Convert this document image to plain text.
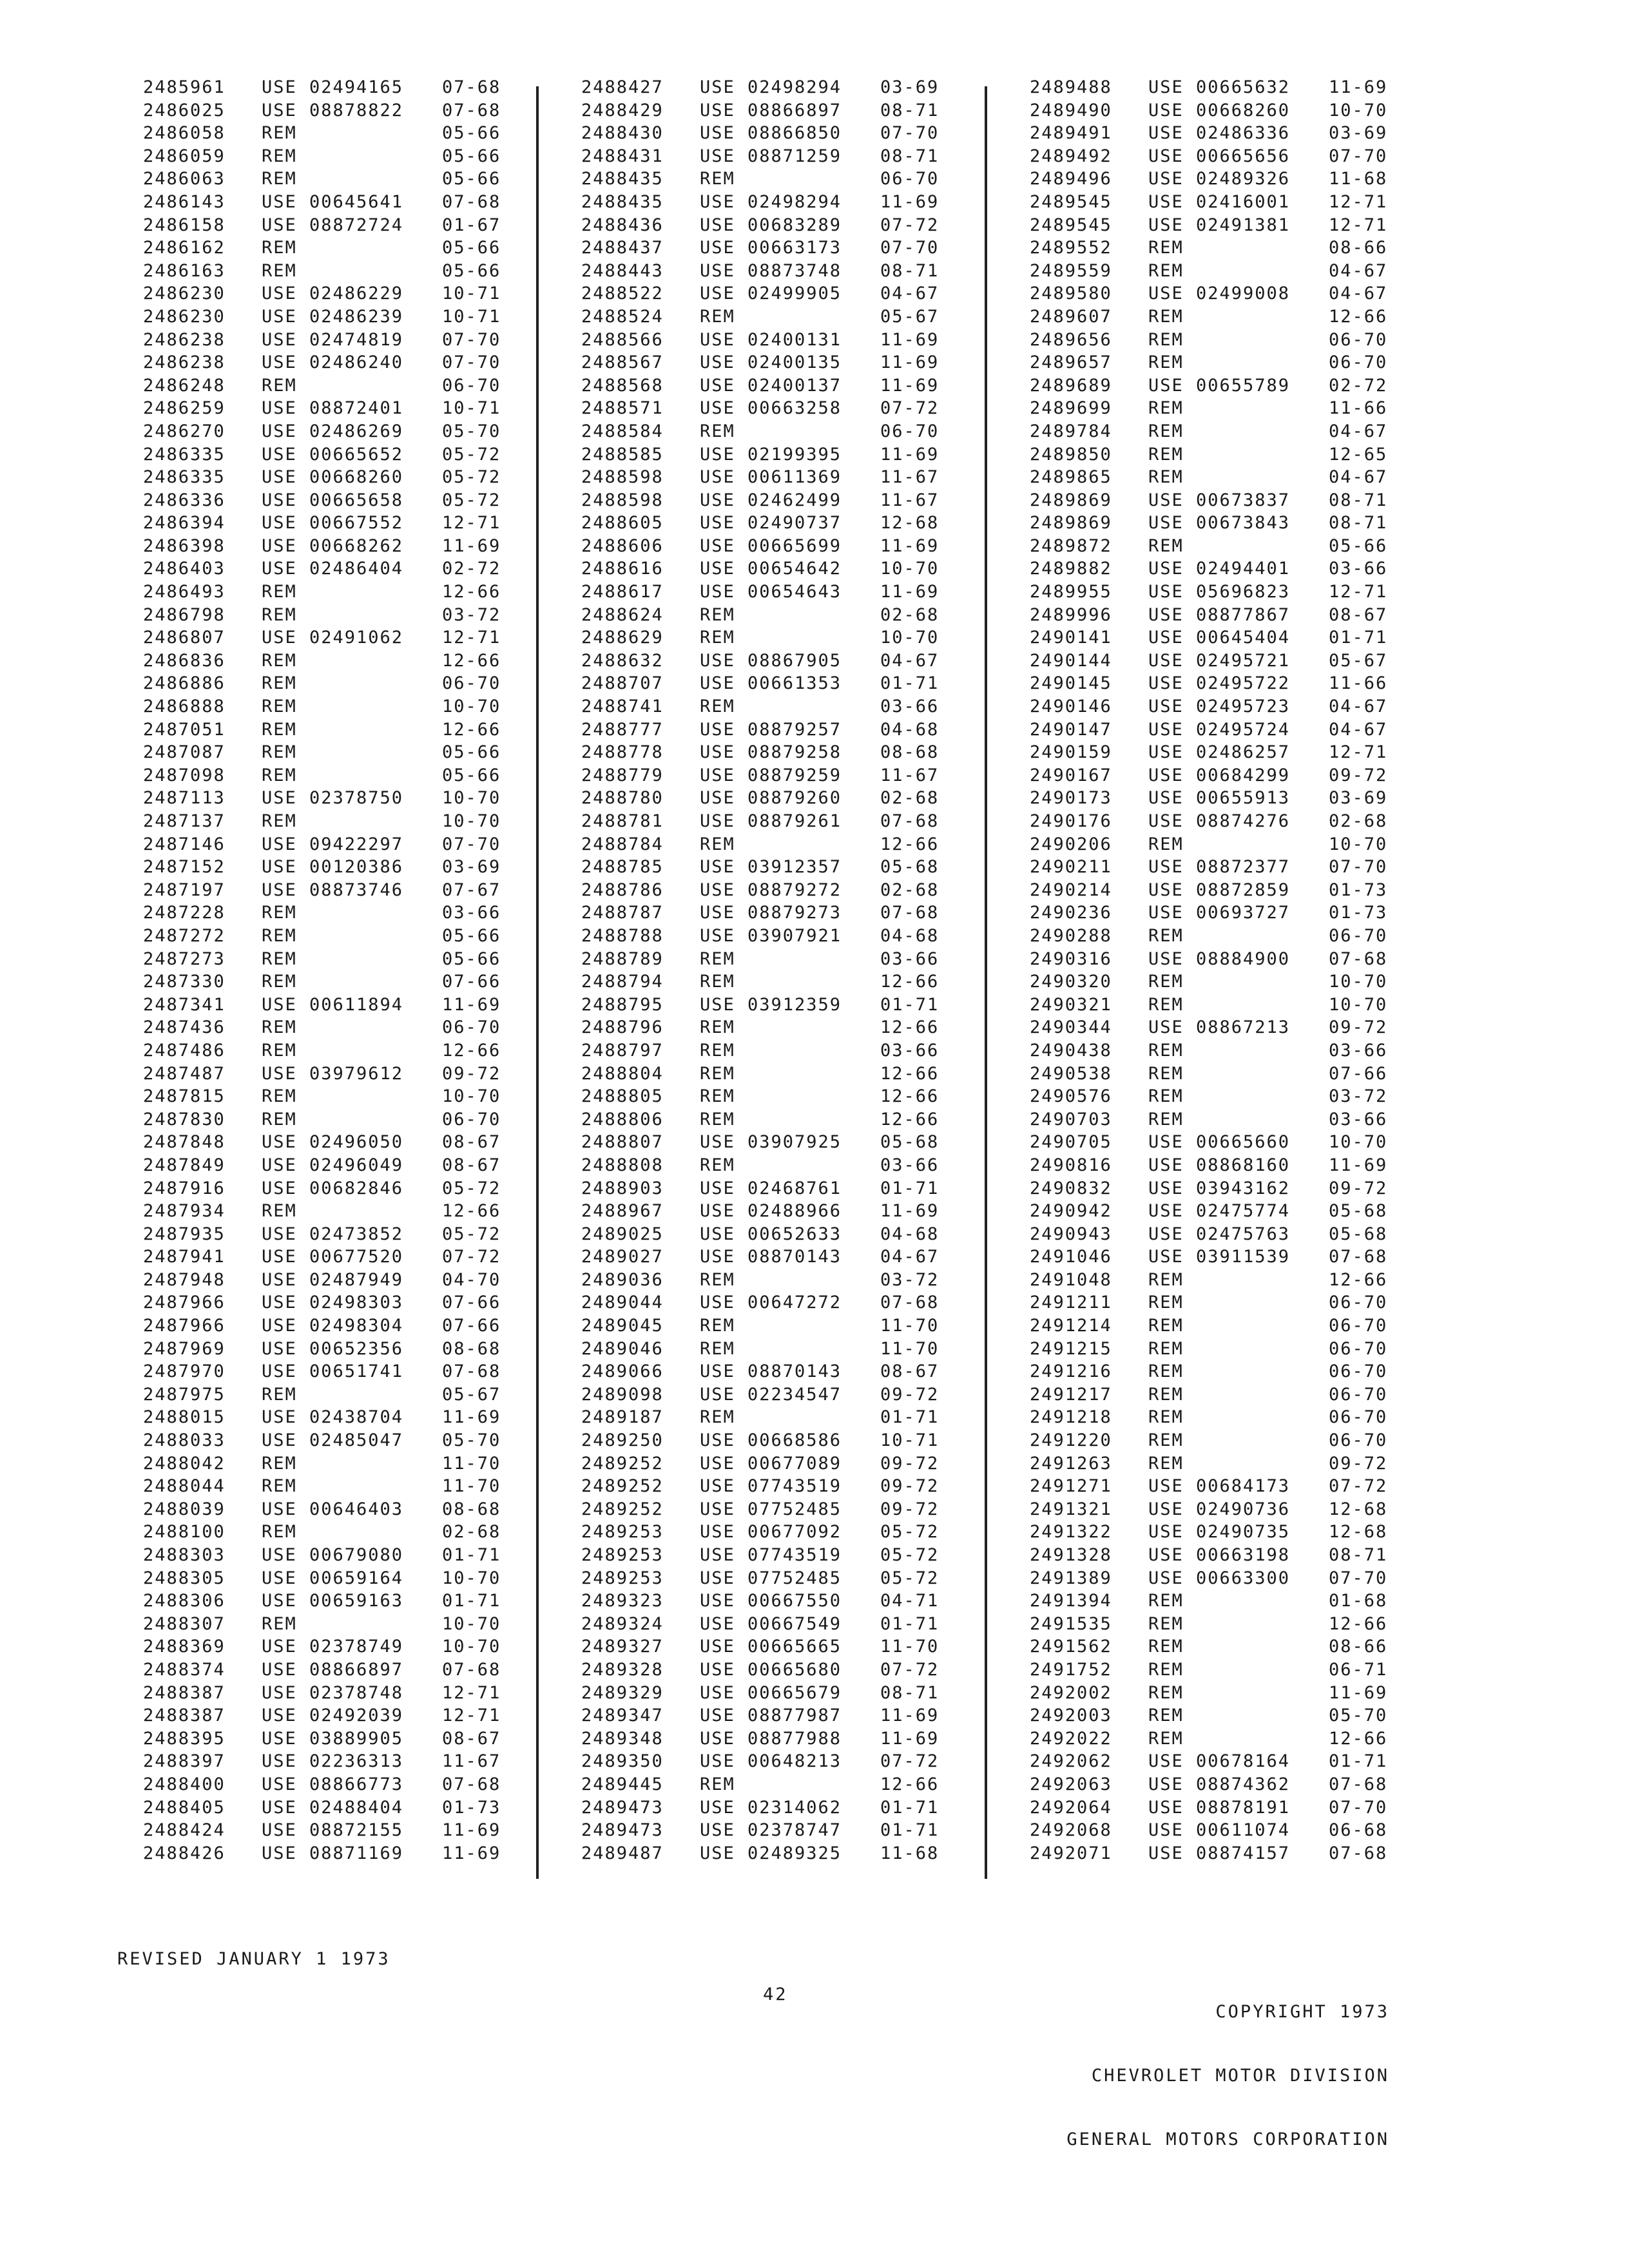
2485961 USE 02494165 07-68
2486025 USE 08878822 07-68
2486058 REM	05-66
2486059 REM	05-66
2486063 REM	05-66
2486143 USE 00645641 07-68
2486158 USE 08872724 01-67
2486162 REM	05-66
2486163 REM	05-66
2486230 USE 02486229 10-71
2486230 USE 02486239 10-71
2486238 USE 02474819 07-70
2486238 USE 02486240 07-70
2486248 REM	06-70
2486259 USE 08872401 10-71
2486270 USE 02486269 05-70
2486335 USE 00665652 05-72
2486335 USE 00668260 05-72
2486336 USE 00665658 05-72
2486394 USE 00667552 12-71
2486398 USE 00668262 11-69
2486403 USE 02486404 02-72
2486493 REM	12-66
2486798 REM	03-72
2486807 USE 02491062 12-71
2486836 REM	12-66
2486886 REM	06-70
2486888 REM	10-70
2487051 REM	12-66
2487087 REM	05-66
2487098 REM	05-66
2487113 USE 02378750 10-70
2487137 REM	10-70
2487146 USE 09422297 07-70
2487152 USE 00120386 03-69
2487197 USE 08873746 07-67
2487228 REM	03-66
2487272 REM	05-66
2487273 REM	05-66
2487330 REM	07-66
2487341 USE 00611894 11-69
2487436 REM	06-70
2487486 REM	12-66
2487487 USE 03979612 09-72
2487815 REM	10-70
2487830 REM	06-70
2487848 USE 02496050 08-67
2487849 USE 02496049 08-67
2487916 USE 00682846 05-72
2487934 REM	12-66
2487935 USE 02473852 05-72
2487941 USE 00677520 07-72
2487948 USE 02487949 04-70
2487966 USE 02498303 07-66
2487966 USE 02498304 07-66
2487969 USE 00652356 08-68
2487970 USE 00651741 07-68
2487975 REM	05-67
2488015 USE 02438704 11-69
2488033 USE 02485047 05-70
2488042 REM	11-70
2488044 REM	11-70
2488039 USE 00646403 08-68
2488100 REM	02-68
2488303 USE 00679080 01-71
2488305 USE 00659164 10-70
2488306 USE 00659163 01-71
2488307 REM	10-70
2488369 USE 02378749 10-70
2488374 USE 08866897 07-68
2488387 USE 02378748 12-71
2488387 USE 02492039 12-71
2488395 USE 03889905 08-67
2488397 USE 02236313 11-67
2488400 USE 08866773 07-68
2488405 USE 02488404 01-73
2488424 USE 08872155 11-69
2488426 USE 08871169 11-69
2488427 USE 02498294 03-69
2488429 USE 08866897 08-71
2488430 USE 08866850 07-70
2488431 USE 08871259 08-71
2488435 REM	06-70
2488435 USE 02498294 11-69
2488436 USE 00683289 07-72
2488437 USE 00663173 07-70
2488443 USE 08873748 08-71
2488522 USE 02499905 04-67
2488524 REM	05-67
2488566 USE 02400131 11-69
2488567 USE 02400135 11-69
2488568 USE 02400137 11-69
2488571 USE 00663258 07-72
2488584 REM	06-70
2488585 USE 02199395 11-69
2488598 USE 00611369 11-67
2488598 USE 02462499 11-67
2488605 USE 02490737 12-68
2488606 USE 00665699 11-69
2488616 USE 00654642 10-70
2488617 USE 00654643 11-69
2488624 REM	02-68
2488629 REM	10-70
2488632 USE 08867905 04-67
2488707 USE 00661353 01-71
2488741 REM	03-66
2488777 USE 08879257 04-68
2488778 USE 08879258 08-68
2488779 USE 08879259 11-67
2488780 USE 08879260 02-68
2488781 USE 08879261 07-68
2488784 REM	12-66
2488785 USE 03912357 05-68
2488786 USE 08879272 02-68
2488787 USE 08879273 07-68
2488788 USE 03907921 04-68
2488789 REM	03-66
2488794 REM	12-66
2488795 USE 03912359 01-71
2488796 REM	12-66
2488797 REM	03-66
2488804 REM	12-66
2488805 REM	12-66
2488806 REM	12-66
2488807 USE 03907925 05-68
2488808 REM	03-66
2488903 USE 02468761 01-71
2488967 USE 02488966 11-69
2489025 USE 00652633 04-68
2489027 USE 08870143 04-67
2489036 REM	03-72
2489044 USE 00647272 07-68
2489045 REM	11-70
2489046 REM	11-70
2489066 USE 08870143 08-67
2489098 USE 02234547 09-72
2489187 REM	01-71
2489250 USE 00668586 10-71
2489252 USE 00677089 09-72
2489252 USE 07743519 09-72
2489252 USE 07752485 09-72
2489253 USE 00677092 05-72
2489253 USE 07743519 05-72
2489253 USE 07752485 05-72
2489323 USE 00667550 04-71
2489324 USE 00667549 01-71
2489327 USE 00665665 11-70
2489328 USE 00665680 07-72
2489329 USE 00665679 08-71
2489347 USE 08877987 11-69
2489348 USE 08877988 11-69
2489350 USE 00648213 07-72
2489445 REM	12-66
2489473 USE 02314062 01-71
2489473 USE 02378747 01-71
2489487 USE 02489325 11-68
2489488 USE 00665632 11-69
2489490 USE 00668260 10-70
2489491 USE 02486336 03-69
2489492 USE 00665656 07-70
2489496 USE 02489326 11-68
2489545 USE 02416001 12-71
2489545 USE 02491381 12-71
2489552 REM	08-66
2489559 REM	04-67
2489580 USE 02499008 04-67
2489607 REM	12-66
2489656 REM	06-70
2489657 REM	06-70
2489689 USE 00655789 02-72
2489699 REM	11-66
2489784 REM	04-67
2489850 REM	12-65
2489865 REM	04-67
2489869 USE 00673837 08-71
2489869 USE 00673843 08-71
2489872 REM	05-66
2489882 USE 02494401 03-66
2489955 USE 05696823 12-71
2489996 USE 08877867 08-67
2490141 USE 00645404 01-71
2490144 USE 02495721 05-67
2490145 USE 02495722 11-66
2490146 USE 02495723 04-67
2490147 USE 02495724 04-67
2490159 USE 02486257 12-71
2490167 USE 00684299 09-72
2490173 USE 00655913 03-69
2490176 USE 08874276 02-68
2490206 REM	10-70
2490211 USE 08872377 07-70
2490214 USE 08872859 01-73
2490236 USE 00693727 01-73
2490288 REM	06-70
2490316 USE 08884900 07-68
2490320 REM	10-70
2490321 REM	10-70
2490344 USE 08867213 09-72
2490438 REM	03-66
2490538 REM	07-66
2490576 REM	03-72
2490703 REM	03-66
2490705 USE 00665660 10-70
2490816 USE 08868160 11-69
2490832 USE 03943162 09-72
2490942 USE 02475774 05-68
2490943 USE 02475763 05-68
2491046 USE 03911539 07-68
2491048 REM	12-66
2491211 REM	06-70
2491214 REM	06-70
2491215 REM	06-70
2491216 REM	06-70
2491217 REM	06-70
2491218 REM	06-70
2491220 REM	06-70
2491263 REM	09-72
2491271 USE 00684173 07-72
2491321 USE 02490736 12-68
2491322 USE 02490735 12-68
2491328 USE 00663198 08-71
2491389 USE 00663300 07-70
2491394 REM	01-68
2491535 REM	12-66
2491562 REM	08-66
2491752 REM	06-71
2492002 REM	11-69
2492003 REM	05-70
2492022 REM	12-66
2492062 USE 00678164 01-71
2492063 USE 08874362 07-68
2492064 USE 08878191 07-70
2492068 USE 00611074 06-68
2492071 USE 08874157 07-68
REVISED JANUARY 1 1973
42

COPYRIGHT 1973

CHEVROLET MOTOR DIVISION

GENERAL MOTORS CORPORATION
